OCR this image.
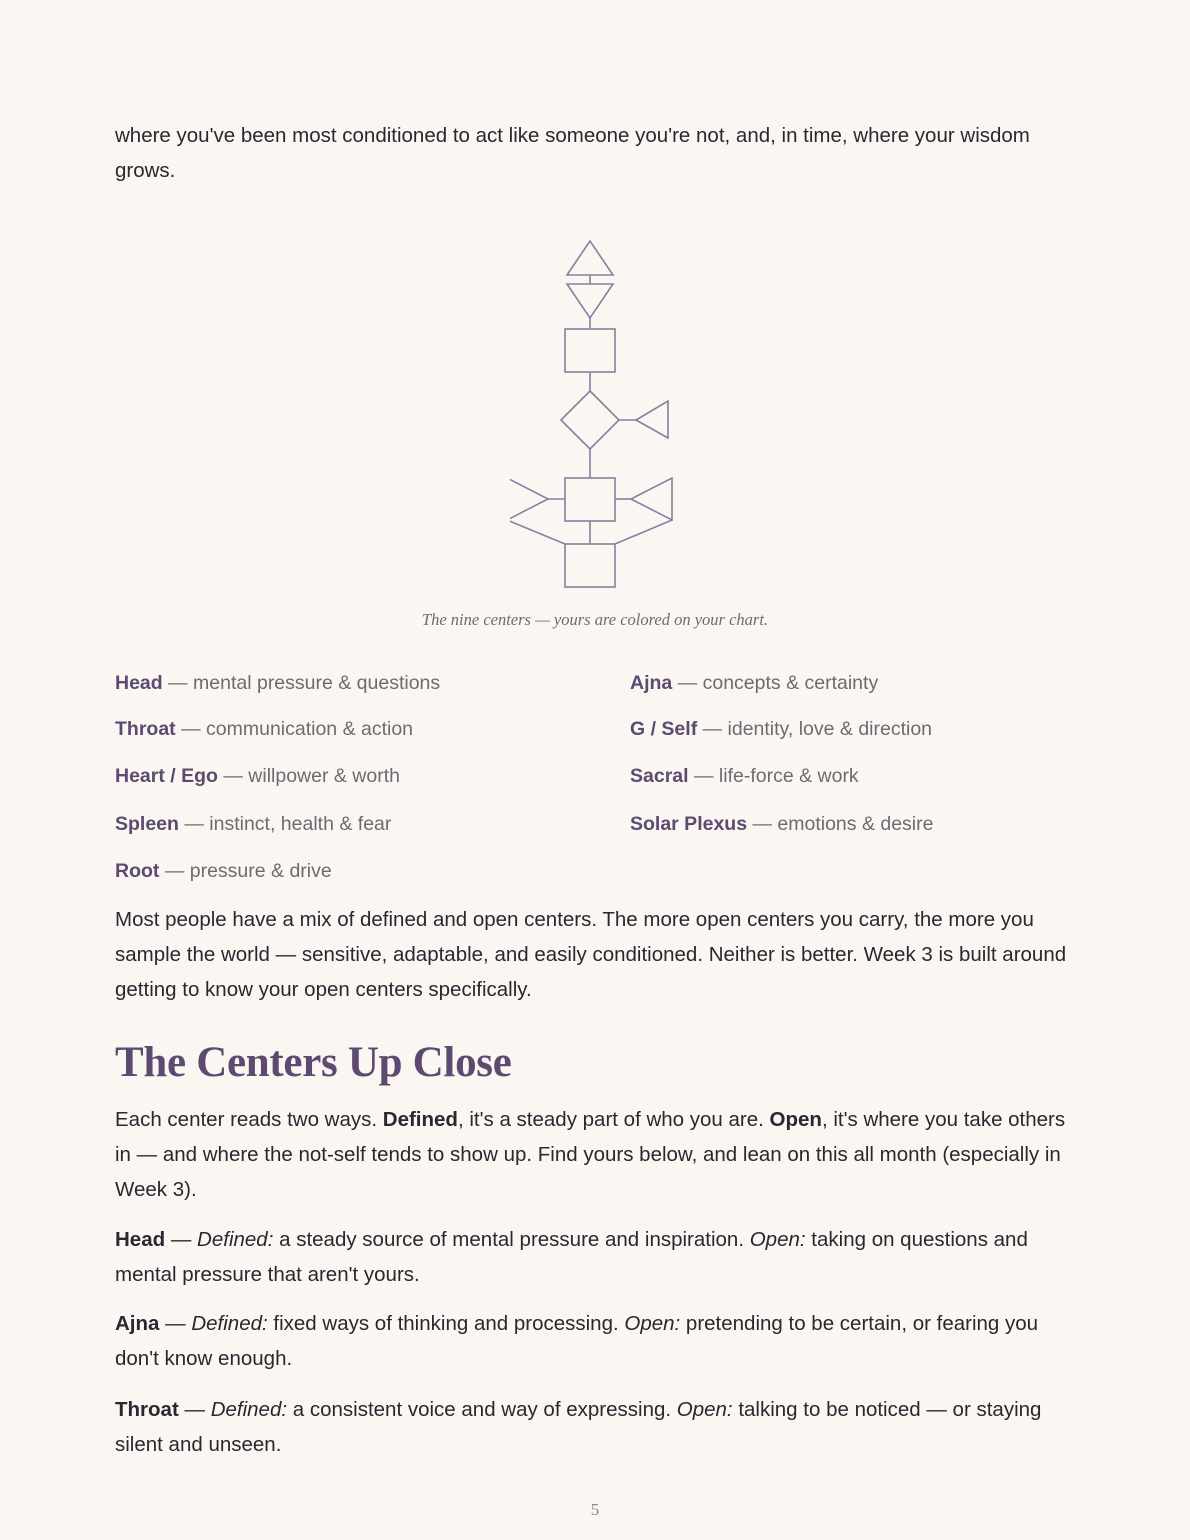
where you've been most conditioned to act like someone you're not, and, in time, where your wisdom grows.

The nine centers — yours are colored on your chart.
Head — mental pressure & questions	Ajna — concepts & certainty
Throat — communication & action	G / Self — identity, love & direction
Heart / Ego — willpower & worth	Sacral — life-force & work
Spleen — instinct, health & fear	Solar Plexus — emotions & desire
Root — pressure & drive

Most people have a mix of defined and open centers. The more open centers you carry, the more you sample the world — sensitive, adaptable, and easily conditioned. Neither is better. Week 3 is built around getting to know your open centers specifically.

The Centers Up Close

Each center reads two ways. Defined, it's a steady part of who you are. Open, it's where you take others in — and where the not-self tends to show up. Find yours below, and lean on this all month (especially in Week 3).

Head — Defined: a steady source of mental pressure and inspiration. Open: taking on questions and mental pressure that aren't yours.

Ajna — Defined: fixed ways of thinking and processing. Open: pretending to be certain, or fearing you don't know enough.

Throat — Defined: a consistent voice and way of expressing. Open: talking to be noticed — or staying silent and unseen.

5
